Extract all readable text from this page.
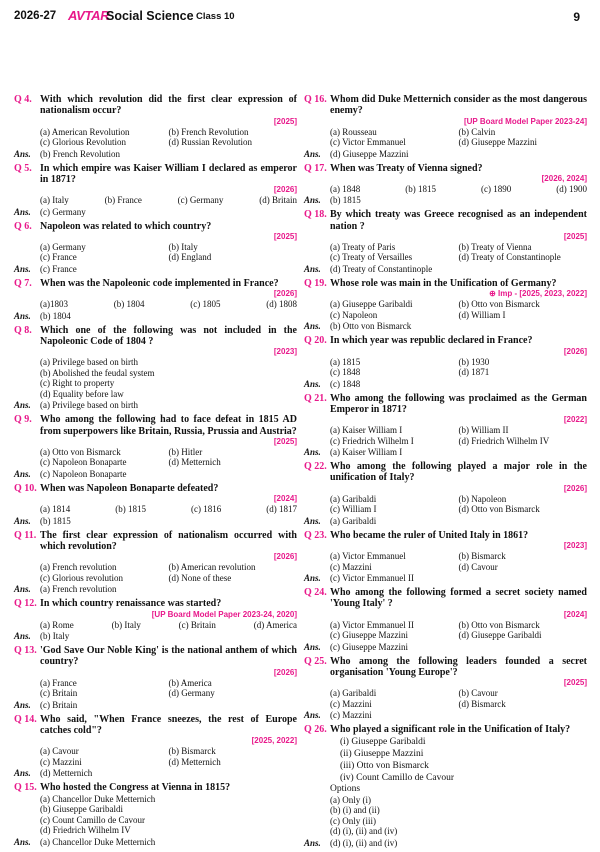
2026-27 AVTAR
Social Science Class 10	9
Q 4. With which revolution did the first clear expression of nationalism occur?
[2025]
(a) American Revolution	(b) French Revolution
(c) Glorious Revolution	(d) Russian Revolution
Ans. (b) French Revolution
Q 5. In which empire was Kaiser William I declared as emperor in 1871?
[2026]
(a) Italy	(b) France	(c) Germany	(d) Britain
Ans. (c) Germany
Q 6. Napoleon was related to which country?
[2025]
(a) Germany	(b) Italy
(c) France	(d) England
Ans. (c) France
Q 7. When was the Napoleonic code implemented in France?
[2026]
(a)1803	(b) 1804	(c) 1805	(d) 1808
Ans. (b) 1804
Q 8. Which one of the following was not included in the Napoleonic Code of 1804 ?
[2023]
(a) Privilege based on birth
(b) Abolished the feudal system
(c) Right to property
(d) Equality before law
Ans. (a) Privilege based on birth
Q 9. Who among the following had to face defeat in 1815 AD from superpowers like Britain, Russia, Prussia and Austria?
[2025]
(a) Otto von Bismarck	(b) Hitler
(c) Napoleon Bonaparte	(d) Metternich
Ans. (c) Napoleon Bonaparte
Q 10. When was Napoleon Bonaparte defeated?
[2024]
(a) 1814	(b) 1815	(c) 1816	(d) 1817
Ans. (b) 1815
Q 11. The first clear expression of nationalism occurred with which revolution?
[2026]
(a) French revolution	(b) American revolution
(c) Glorious revolution	(d) None of these
Ans. (a) French revolution
Q 12. In which country renaissance was started?
[UP Board Model Paper 2023-24, 2020]
(a) Rome	(b) Italy	(c) Britain	(d) America
Ans. (b) Italy
Q 13. 'God Save Our Noble King' is the national anthem of which country?
[2026]
(a) France	(b) America
(c) Britain	(d) Germany
Ans. (c) Britain
Q 14. Who said, "When France sneezes, the rest of Europe catches cold"?
[2025, 2022]
(a) Cavour	(b) Bismarck
(c) Mazzini	(d) Metternich
Ans. (d) Metternich
Q 15. Who hosted the Congress at Vienna in 1815?
(a) Chancellor Duke Metternich
(b) Giuseppe Garibaldi
(c) Count Camillo de Cavour
(d) Friedrich Wilhelm IV
Ans. (a) Chancellor Duke Metternich
Q 16. Whom did Duke Metternich consider as the most dangerous enemy?
[UP Board Model Paper 2023-24]
(a) Rousseau	(b) Calvin
(c) Victor Emmanuel	(d) Giuseppe Mazzini
Ans. (d) Giuseppe Mazzini
Q 17. When was Treaty of Vienna signed?
[2026, 2024]
(a) 1848	(b) 1815	(c) 1890	(d) 1900
Ans. (b) 1815
Q 18. By which treaty was Greece recognised as an independent nation ?
[2025]
(a) Treaty of Paris	(b) Treaty of Vienna
(c) Treaty of Versailles	(d) Treaty of Constantinople
Ans. (d) Treaty of Constantinople
Q 19. Whose role was main in the Unification of Germany?
⊕ Imp - [2025, 2023, 2022]
(a) Giuseppe Garibaldi	(b) Otto von Bismarck
(c) Napoleon	(d) William I
Ans. (b) Otto von Bismarck
Q 20. In which year was republic declared in France?
[2026]
(a) 1815	(b) 1930
(c) 1848	(d) 1871
Ans. (c) 1848
Q 21. Who among the following was proclaimed as the German Emperor in 1871?
[2022]
(a) Kaiser William I	(b) William II
(c) Friedrich Wilhelm I	(d) Friedrich Wilhelm IV
Ans. (a) Kaiser William I
Q 22. Who among the following played a major role in the unification of Italy?
[2026]
(a) Garibaldi	(b) Napoleon
(c) William I	(d) Otto von Bismarck
Ans. (a) Garibaldi
Q 23. Who became the ruler of United Italy in 1861?
[2023]
(a) Victor Emmanuel	(b) Bismarck
(c) Mazzini	(d) Cavour
Ans. (c) Victor Emmanuel II
Q 24. Who among the following formed a secret society named 'Young Italy' ?
[2024]
(a) Victor Emmanuel II	(b) Otto von Bismarck
(c) Giuseppe Mazzini	(d) Giuseppe Garibaldi
Ans. (c) Giuseppe Mazzini
Q 25. Who among the following leaders founded a secret organisation 'Young Europe'?
[2025]
(a) Garibaldi	(b) Cavour
(c) Mazzini	(d) Bismarck
Ans. (c) Mazzini
Q 26. Who played a significant role in the Unification of Italy?
(i) Giuseppe Garibaldi
(ii) Giuseppe Mazzini
(iii) Otto von Bismarck
(iv) Count Camillo de Cavour
Options
(a) Only (i)
(b) (i) and (ii)
(c) Only (iii)
(d) (i), (ii) and (iv)
Ans. (d) (i), (ii) and (iv)
